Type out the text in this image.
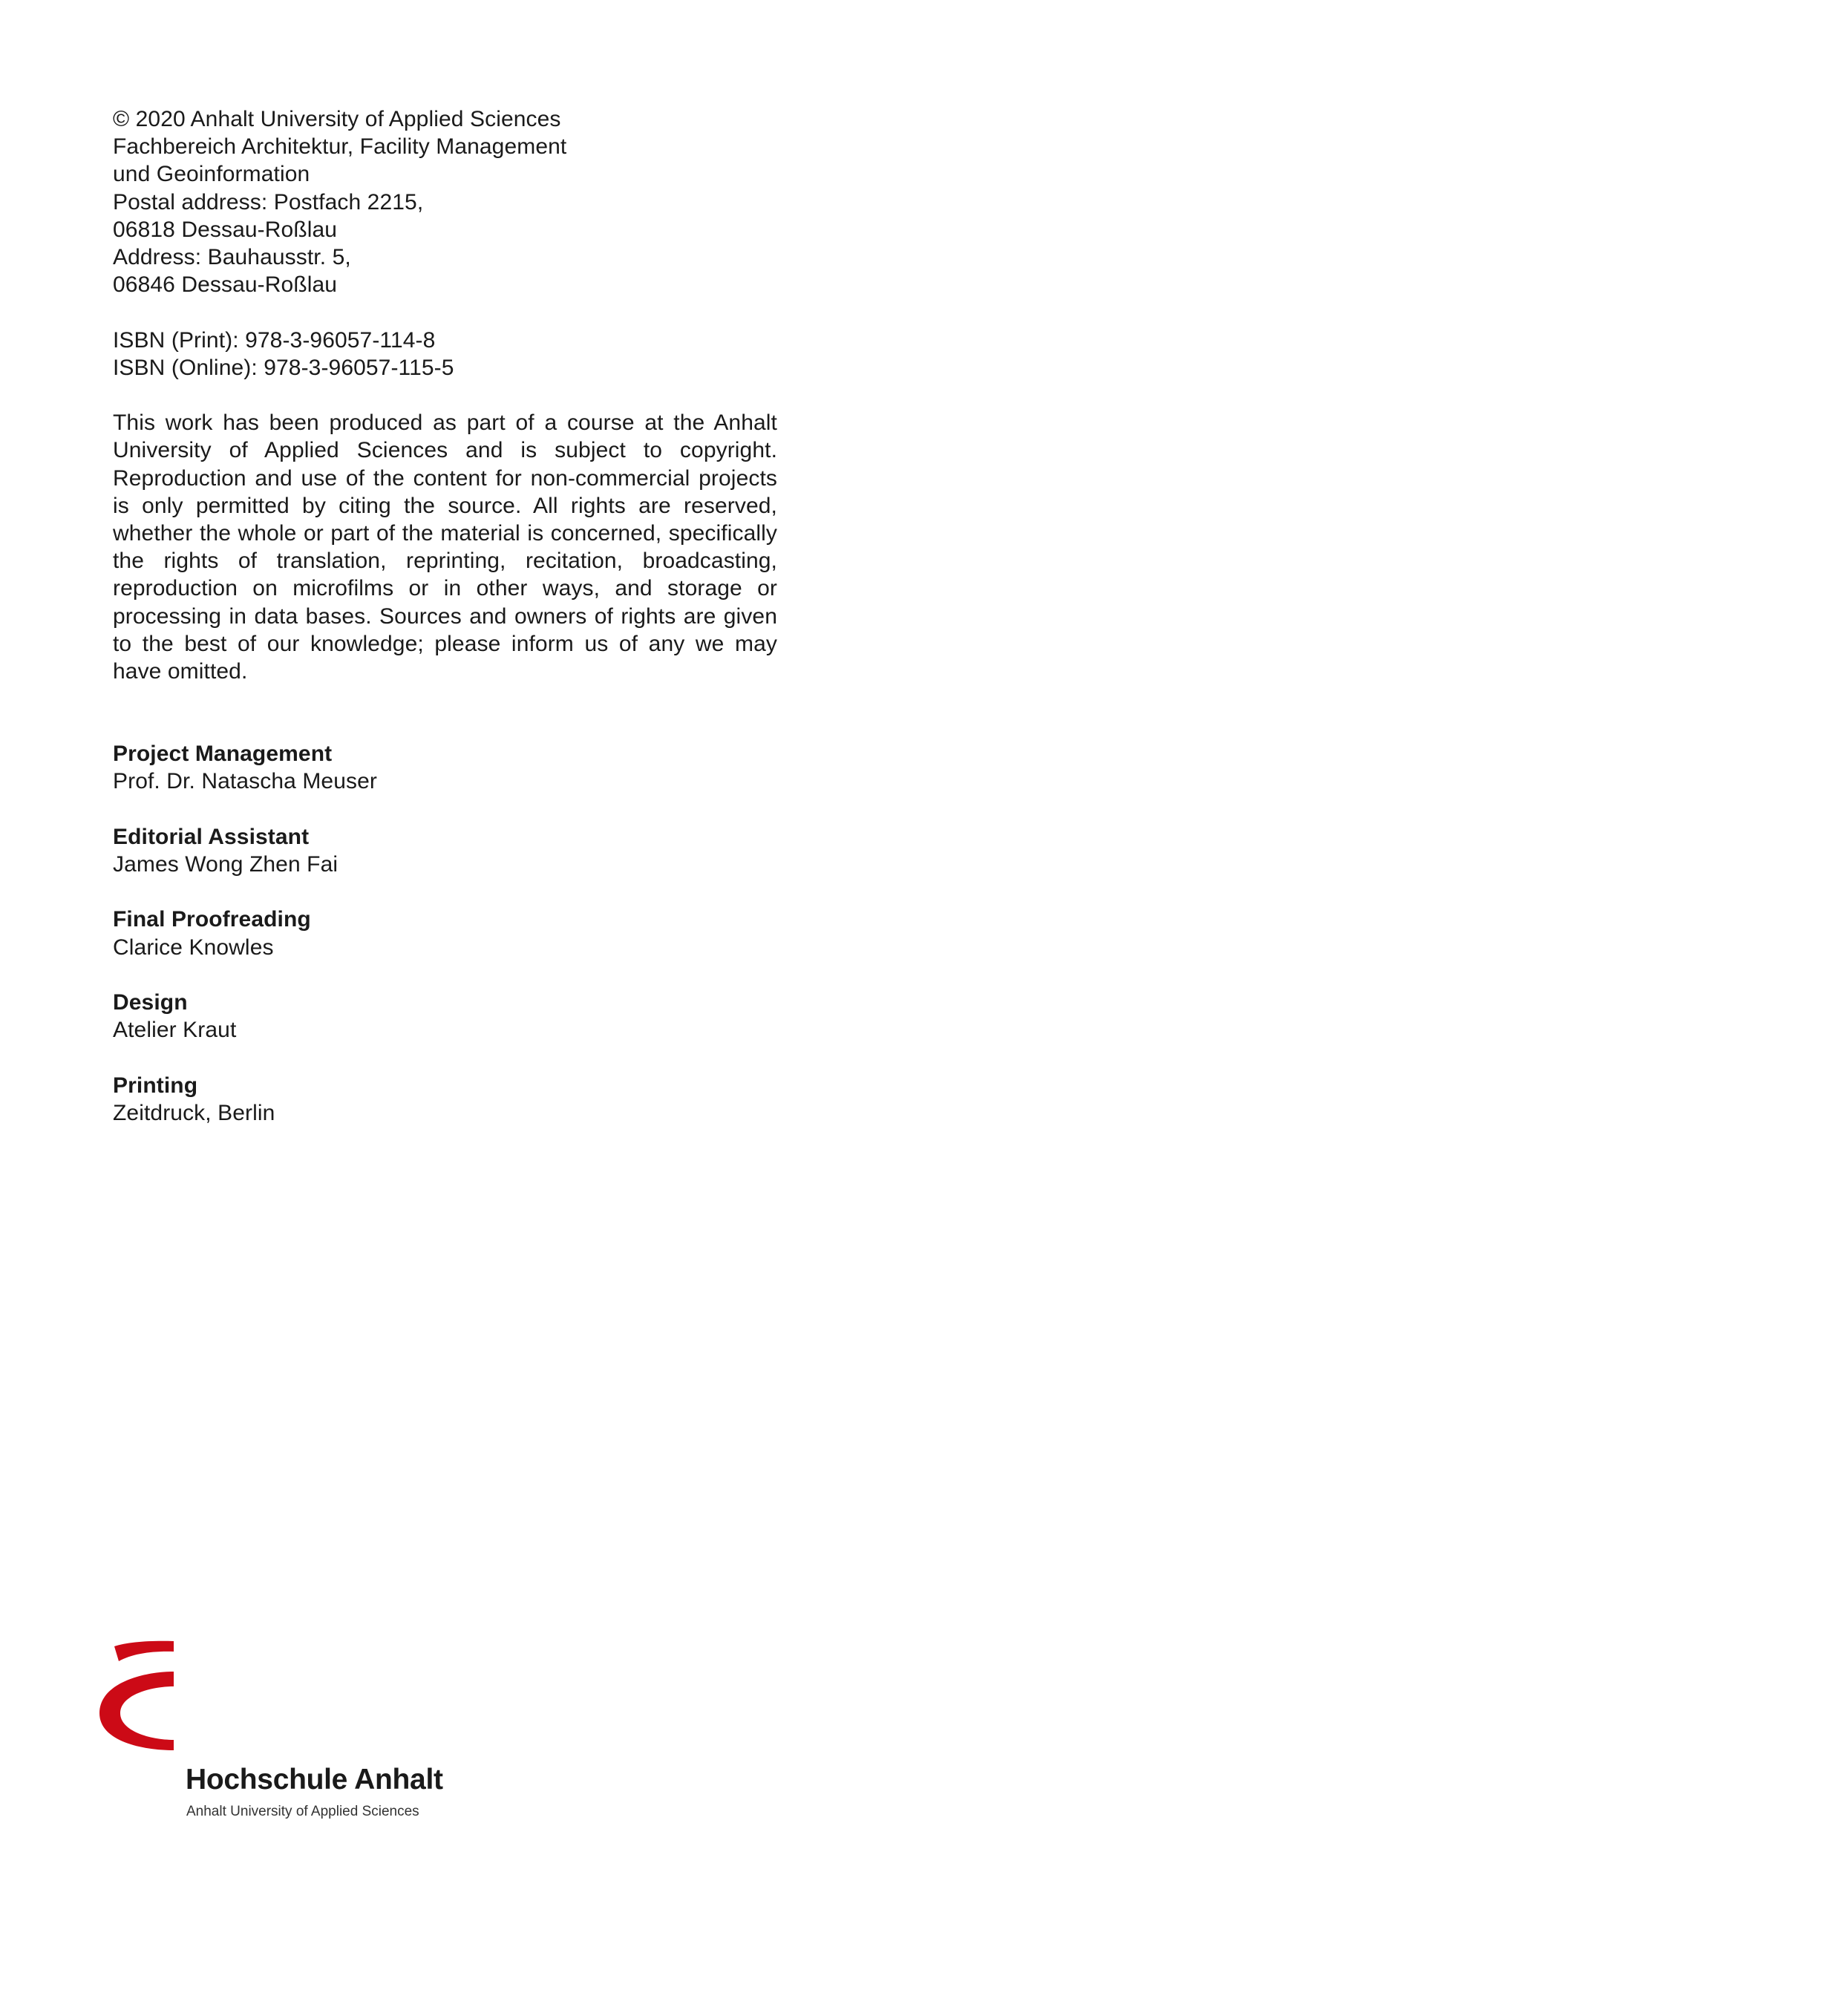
© 2020 Anhalt University of Applied Sciences
Fachbereich Architektur, Facility Management
und Geoinformation
Postal address: Postfach 2215,
06818 Dessau-Roßlau
Address: Bauhausstr. 5,
06846 Dessau-Roßlau
ISBN (Print): 978-3-96057-114-8
ISBN (Online): 978-3-96057-115-5

This work has been produced as part of a course at the Anhalt University of Applied Sciences and is subject to copyright. Reproduction and use of the content for non-commercial projects is only permitted by citing the source. All rights are reserved, whether the whole or part of the material is concerned, specifically the rights of translation, reprinting, recitation, broadcasting, reproduction on microfilms or in other ways, and storage or processing in data bases. Sources and owners of rights are given to the best of our knowledge; please inform us of any we may have omitted.

Project Management
Prof. Dr. Natascha Meuser
Editorial Assistant
James Wong Zhen Fai
Final Proofreading
Clarice Knowles
Design
Atelier Kraut
Printing
Zeitdruck, Berlin
Hochschule Anhalt
Anhalt University of Applied Sciences
